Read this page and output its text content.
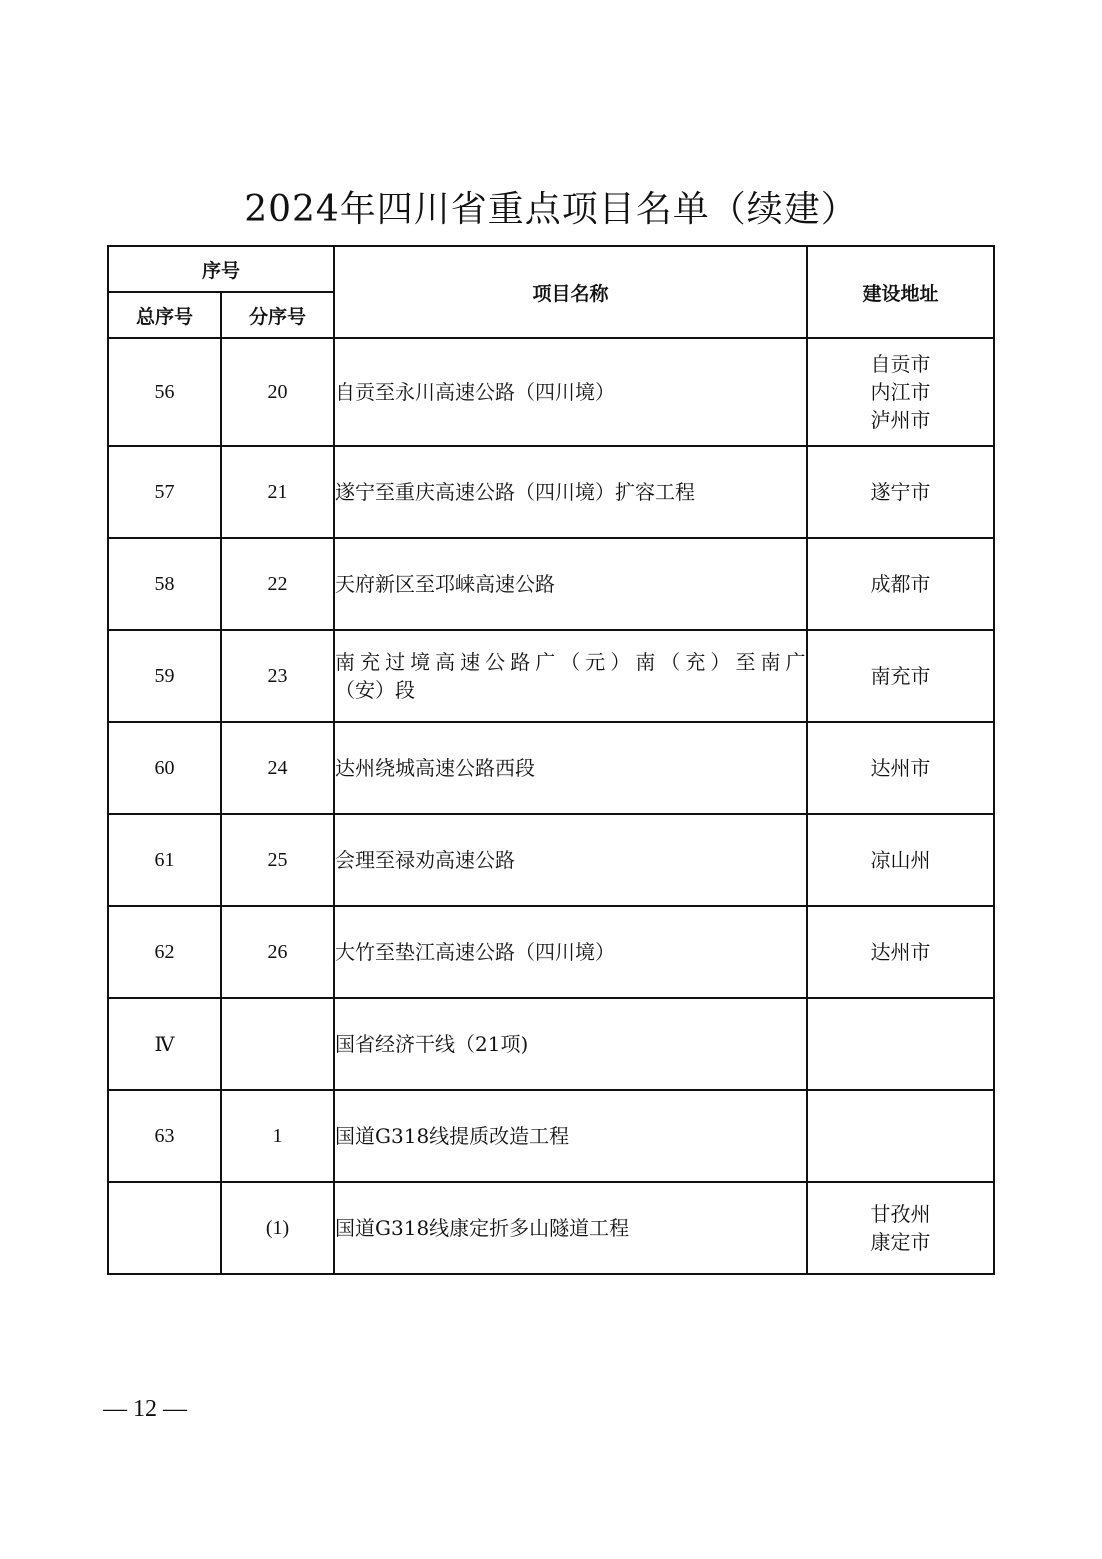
2024年四川省重点项目名单（续建）
序号		项目名称	建设地址
总序号	分序号		
56	20	自贡至永川高速公路（四川境）	自贡市
内江市
泸州市

57	21	遂宁至重庆高速公路（四川境）扩容工程	遂宁市

58	22	天府新区至邛崃高速公路	成都市

59	23	南充过境高速公路广（元）南（充）至南广
（安）段	南充市

60	24	达州绕城高速公路西段	达州市

61	25	会理至禄劝高速公路	凉山州

62	26	大竹至垫江高速公路（四川境）	达州市

Ⅳ		国省经济干线（21项)	
63	1	国道G318线提质改造工程	
	(1)	国道G318线康定折多山隧道工程	甘孜州
康定市
— 12 —
